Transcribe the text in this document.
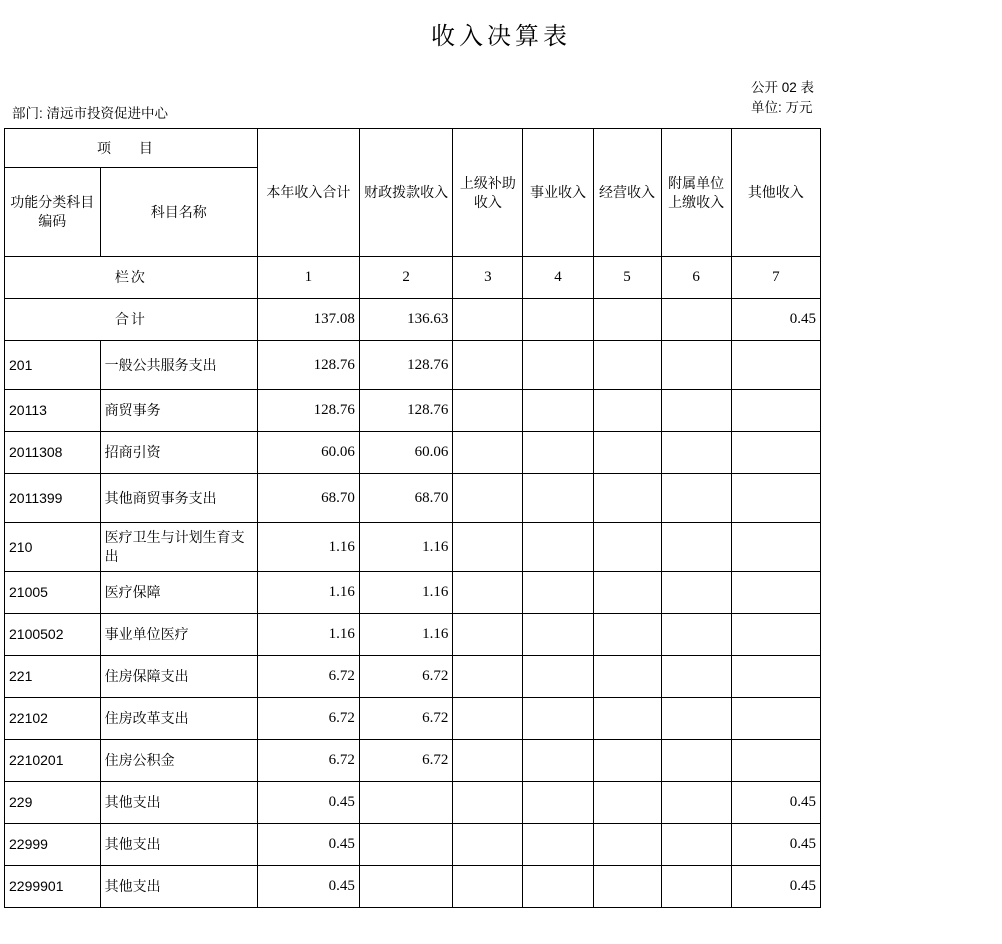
收入决算表
公开 02 表
单位: 万元
部门: 清远市投资促进中心
项 目		本年收入合计	财政拨款收入	上级补助收入	事业收入	经营收入	附属单位上缴收入	其他收入
功能分类科目编码	科目名称							
栏次		1	2	3	4	5	6	7
合计		137.08	136.63					0.45
201	一般公共服务支出	128.76	128.76					
20113	商贸事务	128.76	128.76					
2011308	招商引资	60.06	60.06					
2011399	其他商贸事务支出	68.70	68.70					
210	医疗卫生与计划生育支出	1.16	1.16					
21005	医疗保障	1.16	1.16					
2100502	事业单位医疗	1.16	1.16					
221	住房保障支出	6.72	6.72					
22102	住房改革支出	6.72	6.72					
2210201	住房公积金	6.72	6.72					
229	其他支出	0.45						0.45
22999	其他支出	0.45						0.45
2299901	其他支出	0.45						0.45
